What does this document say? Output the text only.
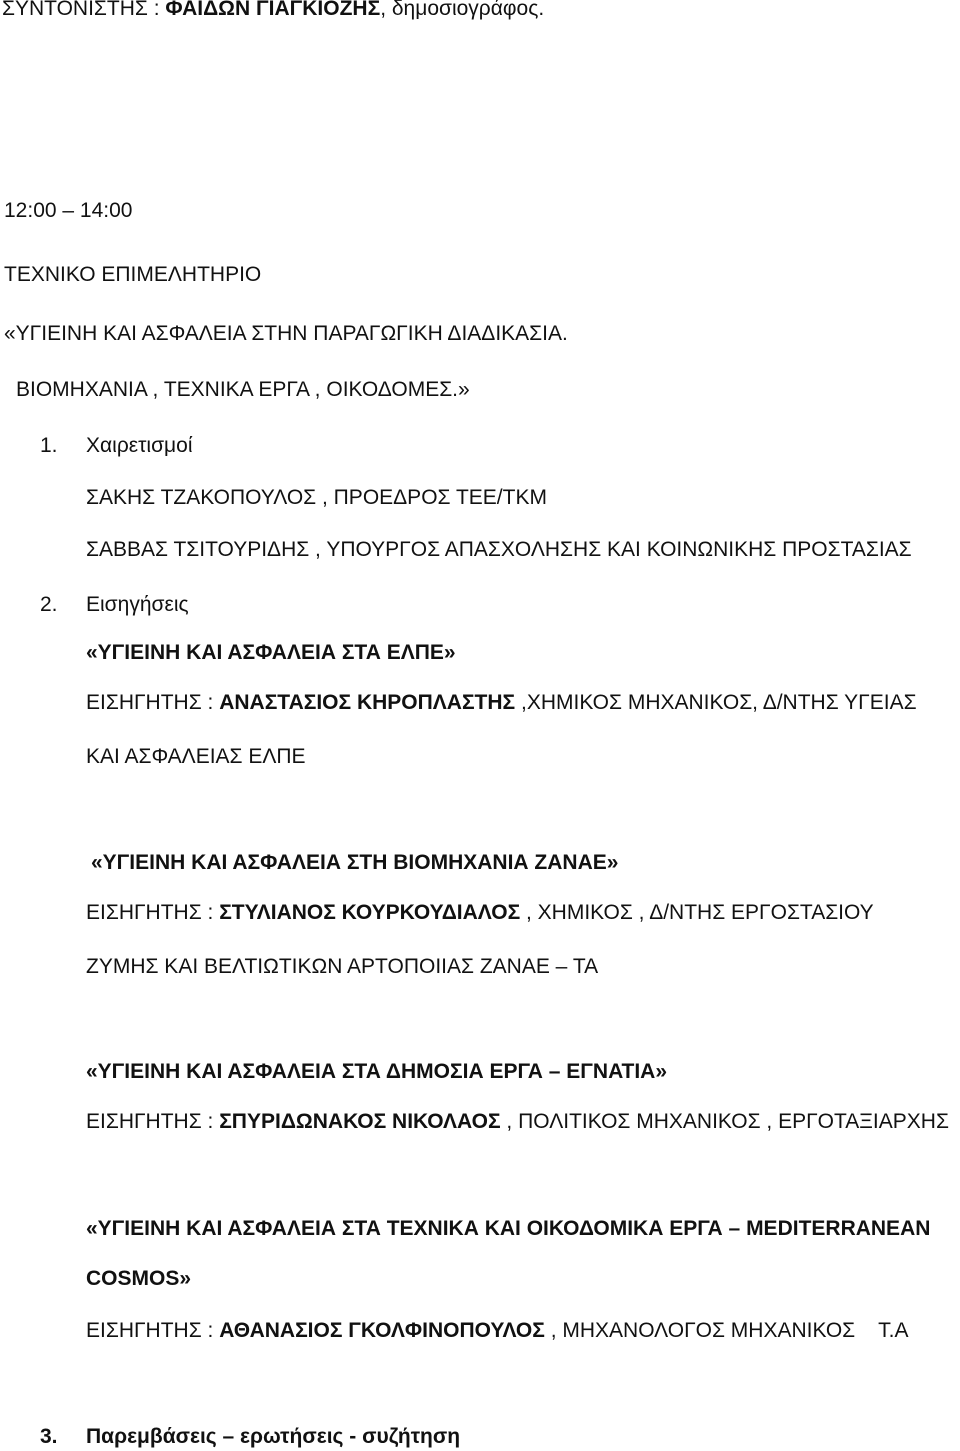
ΣΥΝΤΟΝΙΣΤΗΣ : ΦΑΙΔΩΝ ΓΙΑΓΚΙΟΖΗΣ, δημοσιογράφος.
12:00 – 14:00
ΤΕΧΝΙΚΟ ΕΠΙΜΕΛΗΤΗΡΙΟ
«ΥΓΙΕΙΝΗ ΚΑΙ ΑΣΦΑΛΕΙΑ ΣΤΗΝ ΠΑΡΑΓΩΓΙΚΗ ΔΙΑΔΙΚΑΣΙΑ.
ΒΙΟΜΗΧΑΝΙΑ , ΤΕΧΝΙΚΑ ΕΡΓΑ , ΟΙΚΟΔΟΜΕΣ.»
1. Χαιρετισμοί
ΣΑΚΗΣ ΤΖΑΚΟΠΟΥΛΟΣ , ΠΡΟΕΔΡΟΣ ΤΕΕ/ΤΚΜ
ΣΑΒΒΑΣ ΤΣΙΤΟΥΡΙΔΗΣ , ΥΠΟΥΡΓΟΣ ΑΠΑΣΧΟΛΗΣΗΣ ΚΑΙ ΚΟΙΝΩΝΙΚΗΣ ΠΡΟΣΤΑΣΙΑΣ
2. Εισηγήσεις
«ΥΓΙΕΙΝΗ ΚΑΙ ΑΣΦΑΛΕΙΑ ΣΤΑ ΕΛΠΕ»
ΕΙΣΗΓΗΤΗΣ : ΑΝΑΣΤΑΣΙΟΣ ΚΗΡΟΠΛΑΣΤΗΣ ,ΧΗΜΙΚΟΣ ΜΗΧΑΝΙΚΟΣ, Δ/ΝΤΗΣ ΥΓΕΙΑΣ
ΚΑΙ ΑΣΦΑΛΕΙΑΣ ΕΛΠΕ
«ΥΓΙΕΙΝΗ ΚΑΙ ΑΣΦΑΛΕΙΑ ΣΤΗ ΒΙΟΜΗΧΑΝΙΑ ΖΑΝΑΕ»
ΕΙΣΗΓΗΤΗΣ : ΣΤΥΛΙΑΝΟΣ ΚΟΥΡΚΟΥΔΙΑΛΟΣ , ΧΗΜΙΚΟΣ , Δ/ΝΤΗΣ ΕΡΓΟΣΤΑΣΙΟΥ
ΖΥΜΗΣ ΚΑΙ ΒΕΛΤΙΩΤΙΚΩΝ ΑΡΤΟΠΟΙΙΑΣ ΖΑΝΑΕ – ΤΑ
«ΥΓΙΕΙΝΗ ΚΑΙ ΑΣΦΑΛΕΙΑ ΣΤΑ ΔΗΜΟΣΙΑ ΕΡΓΑ – ΕΓΝΑΤΙΑ»
ΕΙΣΗΓΗΤΗΣ : ΣΠΥΡΙΔΩΝΑΚΟΣ ΝΙΚΟΛΑΟΣ , ΠΟΛΙΤΙΚΟΣ ΜΗΧΑΝΙΚΟΣ , ΕΡΓΟΤΑΞΙΑΡΧΗΣ
«ΥΓΙΕΙΝΗ ΚΑΙ ΑΣΦΑΛΕΙΑ ΣΤΑ ΤΕΧΝΙΚΑ ΚΑΙ ΟΙΚΟΔΟΜΙΚΑ ΕΡΓΑ – MEDITERRANEAN
COSMOS»
ΕΙΣΗΓΗΤΗΣ : ΑΘΑΝΑΣΙΟΣ ΓΚΟΛΦΙΝΟΠΟΥΛΟΣ , ΜΗΧΑΝΟΛΟΓΟΣ ΜΗΧΑΝΙΚΟΣ    Τ.Α
3. Παρεμβάσεις – ερωτήσεις - συζήτηση
